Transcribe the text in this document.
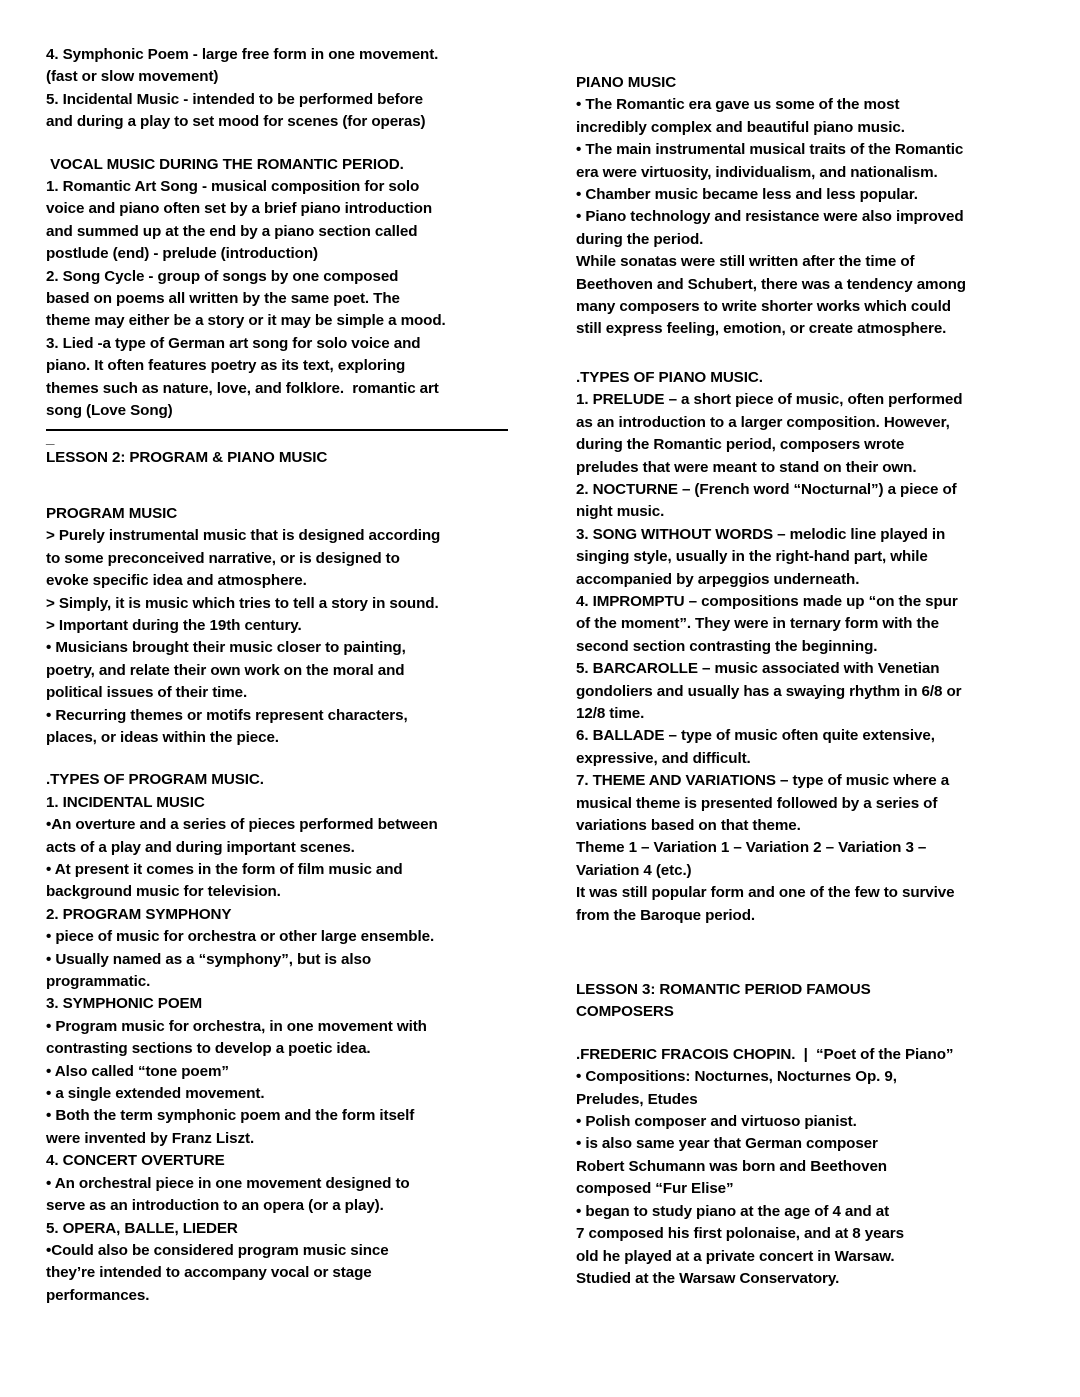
4. Symphonic Poem - large free form in one movement.
(fast or slow movement)
5. Incidental Music - intended to be performed before
and during a play to set mood for scenes (for operas)
VOCAL MUSIC DURING THE ROMANTIC PERIOD.
1. Romantic Art Song - musical composition for solo
voice and piano often set by a brief piano introduction
and summed up at the end by a piano section called
postlude (end) - prelude (introduction)
2. Song Cycle - group of songs by one composed
based on poems all written by the same poet. The
theme may either be a story or it may be simple a mood.
3. Lied -a type of German art song for solo voice and
piano. It often features poetry as its text, exploring
themes such as nature, love, and folklore.  romantic art
song (Love Song)
_
LESSON 2: PROGRAM & PIANO MUSIC
PROGRAM MUSIC
> Purely instrumental music that is designed according
to some preconceived narrative, or is designed to
evoke specific idea and atmosphere.
> Simply, it is music which tries to tell a story in sound.
> Important during the 19th century.
• Musicians brought their music closer to painting,
poetry, and relate their own work on the moral and
political issues of their time.
• Recurring themes or motifs represent characters,
places, or ideas within the piece.
.TYPES OF PROGRAM MUSIC.
1. INCIDENTAL MUSIC
•An overture and a series of pieces performed between
acts of a play and during important scenes.
• At present it comes in the form of film music and
background music for television.
2. PROGRAM SYMPHONY
• piece of music for orchestra or other large ensemble.
• Usually named as a “symphony”, but is also
programmatic.
3. SYMPHONIC POEM
• Program music for orchestra, in one movement with
contrasting sections to develop a poetic idea.
• Also called “tone poem”
• a single extended movement.
• Both the term symphonic poem and the form itself
were invented by Franz Liszt.
4. CONCERT OVERTURE
• An orchestral piece in one movement designed to
serve as an introduction to an opera (or a play).
5. OPERA, BALLE, LIEDER
•Could also be considered program music since
they’re intended to accompany vocal or stage
performances.
PIANO MUSIC
• The Romantic era gave us some of the most
incredibly complex and beautiful piano music.
• The main instrumental musical traits of the Romantic
era were virtuosity, individualism, and nationalism.
• Chamber music became less and less popular.
• Piano technology and resistance were also improved
during the period.
While sonatas were still written after the time of
Beethoven and Schubert, there was a tendency among
many composers to write shorter works which could
still express feeling, emotion, or create atmosphere.
.TYPES OF PIANO MUSIC.
1. PRELUDE – a short piece of music, often performed
as an introduction to a larger composition. However,
during the Romantic period, composers wrote
preludes that were meant to stand on their own.
2. NOCTURNE – (French word “Nocturnal”) a piece of
night music.
3. SONG WITHOUT WORDS – melodic line played in
singing style, usually in the right-hand part, while
accompanied by arpeggios underneath.
4. IMPROMPTU – compositions made up “on the spur
of the moment”. They were in ternary form with the
second section contrasting the beginning.
5. BARCAROLLE – music associated with Venetian
gondoliers and usually has a swaying rhythm in 6/8 or
12/8 time.
6. BALLADE – type of music often quite extensive,
expressive, and difficult.
7. THEME AND VARIATIONS – type of music where a
musical theme is presented followed by a series of
variations based on that theme.
Theme 1 – Variation 1 – Variation 2 – Variation 3 –
Variation 4 (etc.)
It was still popular form and one of the few to survive
from the Baroque period.
LESSON 3: ROMANTIC PERIOD FAMOUS
COMPOSERS
.FREDERIC FRACOIS CHOPIN.  |  “Poet of the Piano”
• Compositions: Nocturnes, Nocturnes Op. 9,
Preludes, Etudes
• Polish composer and virtuoso pianist.
• is also same year that German composer
Robert Schumann was born and Beethoven
composed “Fur Elise”
• began to study piano at the age of 4 and at
7 composed his first polonaise, and at 8 years
old he played at a private concert in Warsaw.
Studied at the Warsaw Conservatory.
